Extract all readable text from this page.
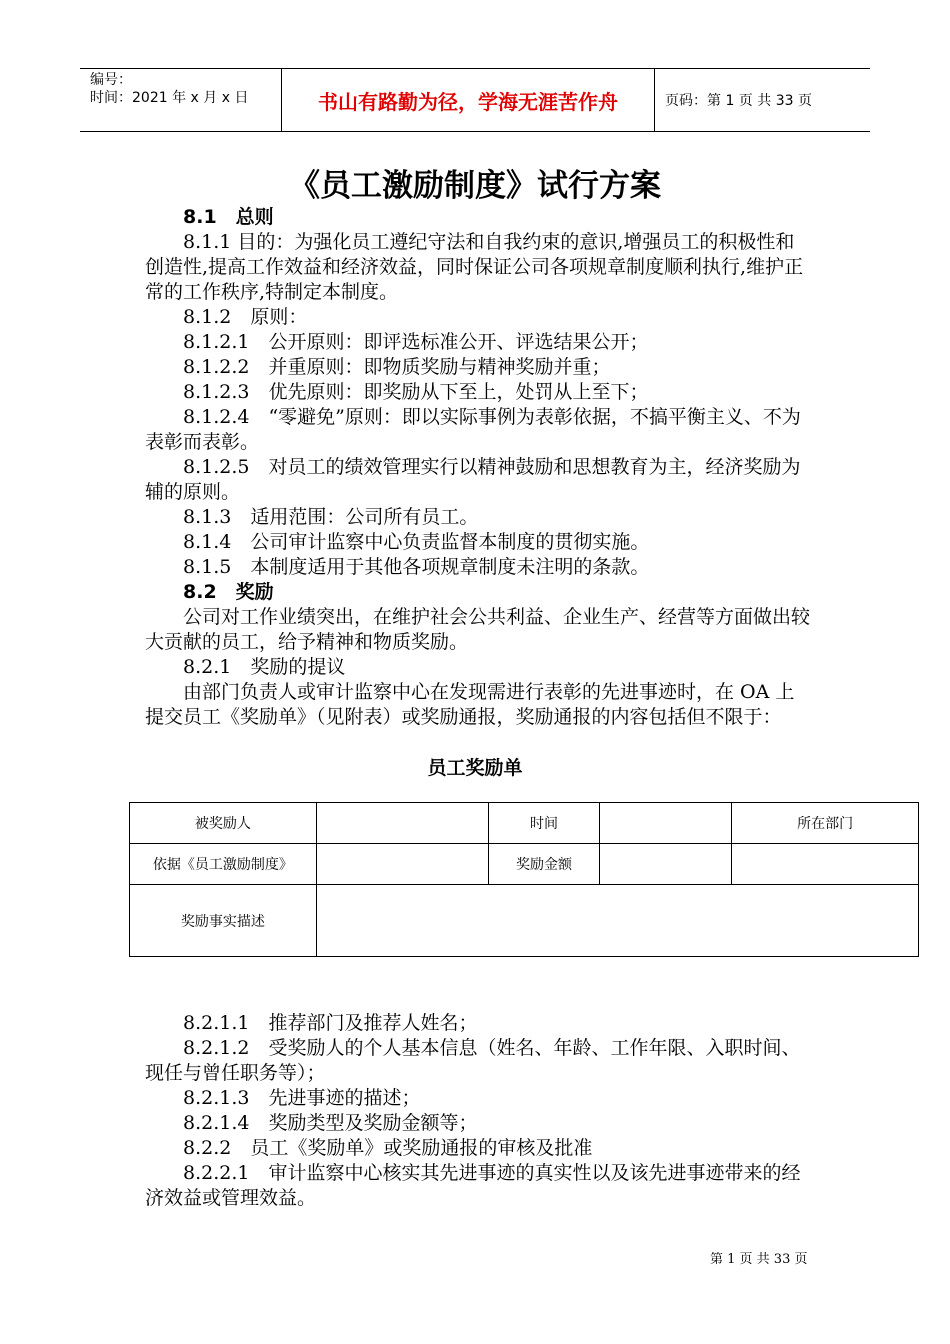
编号：
时间：2021 年 x 月 x 日	书山有路勤为径，学海无涯苦作舟	页码：第 1 页 共 33 页
《员工激励制度》试行方案

8.1　总则

8.1.1 目的：为强化员工遵纪守法和自我约束的意识,增强员工的积极性和创造性,提高工作效益和经济效益，同时保证公司各项规章制度顺利执行,维护正常的工作秩序,特制定本制度。

8.1.2　原则：

8.1.2.1　公开原则：即评选标准公开、评选结果公开；

8.1.2.2　并重原则：即物质奖励与精神奖励并重；

8.1.2.3　优先原则：即奖励从下至上，处罚从上至下；

8.1.2.4　“零避免”原则：即以实际事例为表彰依据，不搞平衡主义、不为表彰而表彰。

8.1.2.5　对员工的绩效管理实行以精神鼓励和思想教育为主，经济奖励为辅的原则。

8.1.3　适用范围：公司所有员工。

8.1.4　公司审计监察中心负责监督本制度的贯彻实施。

8.1.5　本制度适用于其他各项规章制度未注明的条款。

8.2　奖励

公司对工作业绩突出，在维护社会公共利益、企业生产、经营等方面做出较大贡献的员工，给予精神和物质奖励。

8.2.1　奖励的提议

由部门负责人或审计监察中心在发现需进行表彰的先进事迹时，在 OA 上提交员工《奖励单》（见附表）或奖励通报，奖励通报的内容包括但不限于：

员工奖励单
被奖励人		时间		所在部门
依据《员工激励制度》		奖励金额		
奖励事实描述				

8.2.1.1　推荐部门及推荐人姓名；

8.2.1.2　受奖励人的个人基本信息（姓名、年龄、工作年限、入职时间、现任与曾任职务等）；

8.2.1.3　先进事迹的描述；

8.2.1.4　奖励类型及奖励金额等；

8.2.2　员工《奖励单》或奖励通报的审核及批准

8.2.2.1　审计监察中心核实其先进事迹的真实性以及该先进事迹带来的经济效益或管理效益。

第 1 页 共 33 页
